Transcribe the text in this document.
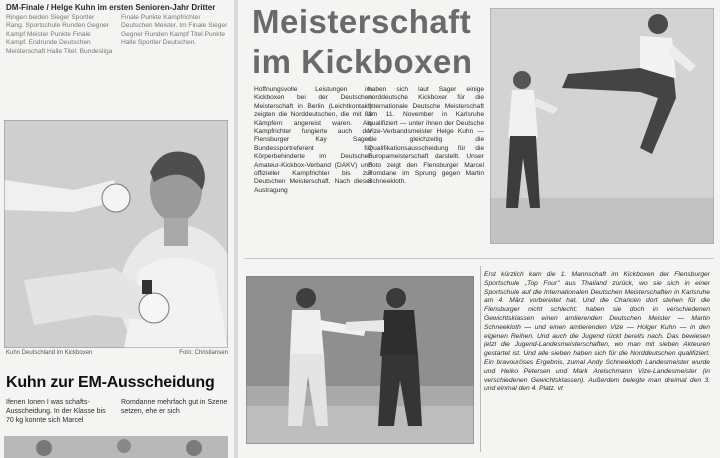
DM-Finale / Helge Kuhn im ersten Senioren-Jahr Dritter
Ringen beiden Sieger Sportler Rang. Sportschule Runden Gegner Kampf Meister Punkte Finale Kampf. Endrunde Deutschen Meisterschaft Halle Titel. Bundesliga Finale Punkte Kampfrichter Deutschen Meister. Im Finale Sieger Gegner Runden Kampf Titel Punkte Halle Sportler Deutschen.
Kuhn Deutschland im Kickboxen	Foto: Christiansen
Kuhn zur EM-Ausscheidung
Ifenen Ionen I was schafts-Ausscheidung. In der Klasse bis 70 kg konnte sich Marcel Romdanne mehrfach gut in Szene setzen, ehe er sich
Meisterschaft
im Kickboxen
Hoffnungsvolle Leistungen im Kickboxen bei der Deutschen Meisterschaft in Berlin (Leichtkontakt) zeigten die Norddeutschen, die mit 83 Kämpfern angereist waren. Als Kampfrichter fungierte auch der Flensburger Kay Sager, Bundessportreferent für Körperbehinderte im Deutschen Amateur-Kickbox-Verband (DAKV) und offizieller Kampfrichter bis zur Deutschen Meisterschaft. Nach dieser Austragung
haben sich laut Sager einige norddeutsche Kickboxer für die Internationale Deutsche Meisterschaft am 11. November in Karlsruhe qualifiziert — unter ihnen der Deutsche Vize-Verbandsmeister Helge Kuhn — die gleichzeitig die Qualifikationsausscheidung für die Europameisterschaft darstellt. Unser Foto zeigt den Flensburger Marcel Romdane im Sprung gegen Martin Schneekloth.
Erst kürzlich kam die 1. Mannschaft im Kickboxen der Flensburger Sportschule „Top Four" aus Thailand zurück, wo sie sich in einer Sportschule auf die Internationalen Deutschen Meisterschaften in Karlsruhe am 4. März vorbereitet hat. Und die Chancen dort stehen für die Flensburger nicht schlecht; haben sie doch in verschiedenen Gewichtsklassen einen amtierenden Deutschen Meister — Martin Schneekloth — und einen amtierenden Vize — Holger Kuhn — in den eigenen Reihen. Und auch die Jugend rückt bereits nach. Das bewiesen jetzt die Jugend-Landesmeisterschaften, wo man mit sieben Akteuren gestartet ist. Und alle sieben haben sich für die Norddeutschen qualifiziert. Ein bravouröses Ergebnis, zumal Andy Schneekloth Landesmeister wurde und Heiko Petersen und Mark Arelschmann Vize-Landesmeister (in verschiedenen Gewichtsklassen). Außerdem belegte man dreimal den 3. und einmal den 4. Platz. vt
